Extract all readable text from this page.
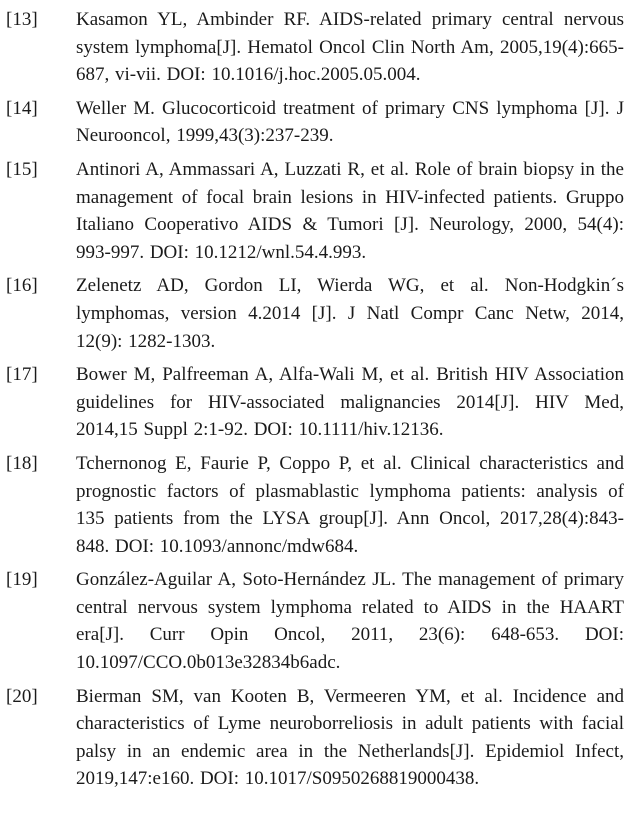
[13]	Kasamon YL, Ambinder RF. AIDS-related primary central nervous system lymphoma[J]. Hematol Oncol Clin North Am, 2005,19(4):665-687, vi-vii. DOI: 10.1016/j.hoc.2005.05.004.
[14]	Weller M. Glucocorticoid treatment of primary CNS lymphoma [J]. J Neurooncol, 1999,43(3):237-239.
[15]	Antinori A, Ammassari A, Luzzati R, et al. Role of brain biopsy in the management of focal brain lesions in HIV-infected patients. Gruppo Italiano Cooperativo AIDS & Tumori [J]. Neurology, 2000, 54(4): 993-997. DOI: 10.1212/wnl.54.4.993.
[16]	Zelenetz AD, Gordon LI, Wierda WG, et al. Non-Hodgkin´s lymphomas, version 4.2014 [J]. J Natl Compr Canc Netw, 2014, 12(9): 1282-1303.
[17]	Bower M, Palfreeman A, Alfa-Wali M, et al. British HIV Association guidelines for HIV-associated malignancies 2014[J]. HIV Med, 2014,15 Suppl 2:1-92. DOI: 10.1111/hiv.12136.
[18]	Tchernonog E, Faurie P, Coppo P, et al. Clinical characteristics and prognostic factors of plasmablastic lymphoma patients: analysis of 135 patients from the LYSA group[J]. Ann Oncol, 2017,28(4):843-848. DOI: 10.1093/annonc/mdw684.
[19]	González-Aguilar A, Soto-Hernández JL. The management of primary central nervous system lymphoma related to AIDS in the HAART era[J]. Curr Opin Oncol, 2011, 23(6): 648-653. DOI: 10.1097/CCO.0b013e32834b6adc.
[20]	Bierman SM, van Kooten B, Vermeeren YM, et al. Incidence and characteristics of Lyme neuroborreliosis in adult patients with facial palsy in an endemic area in the Netherlands[J]. Epidemiol Infect, 2019,147:e160. DOI: 10.1017/S0950268819000438.
